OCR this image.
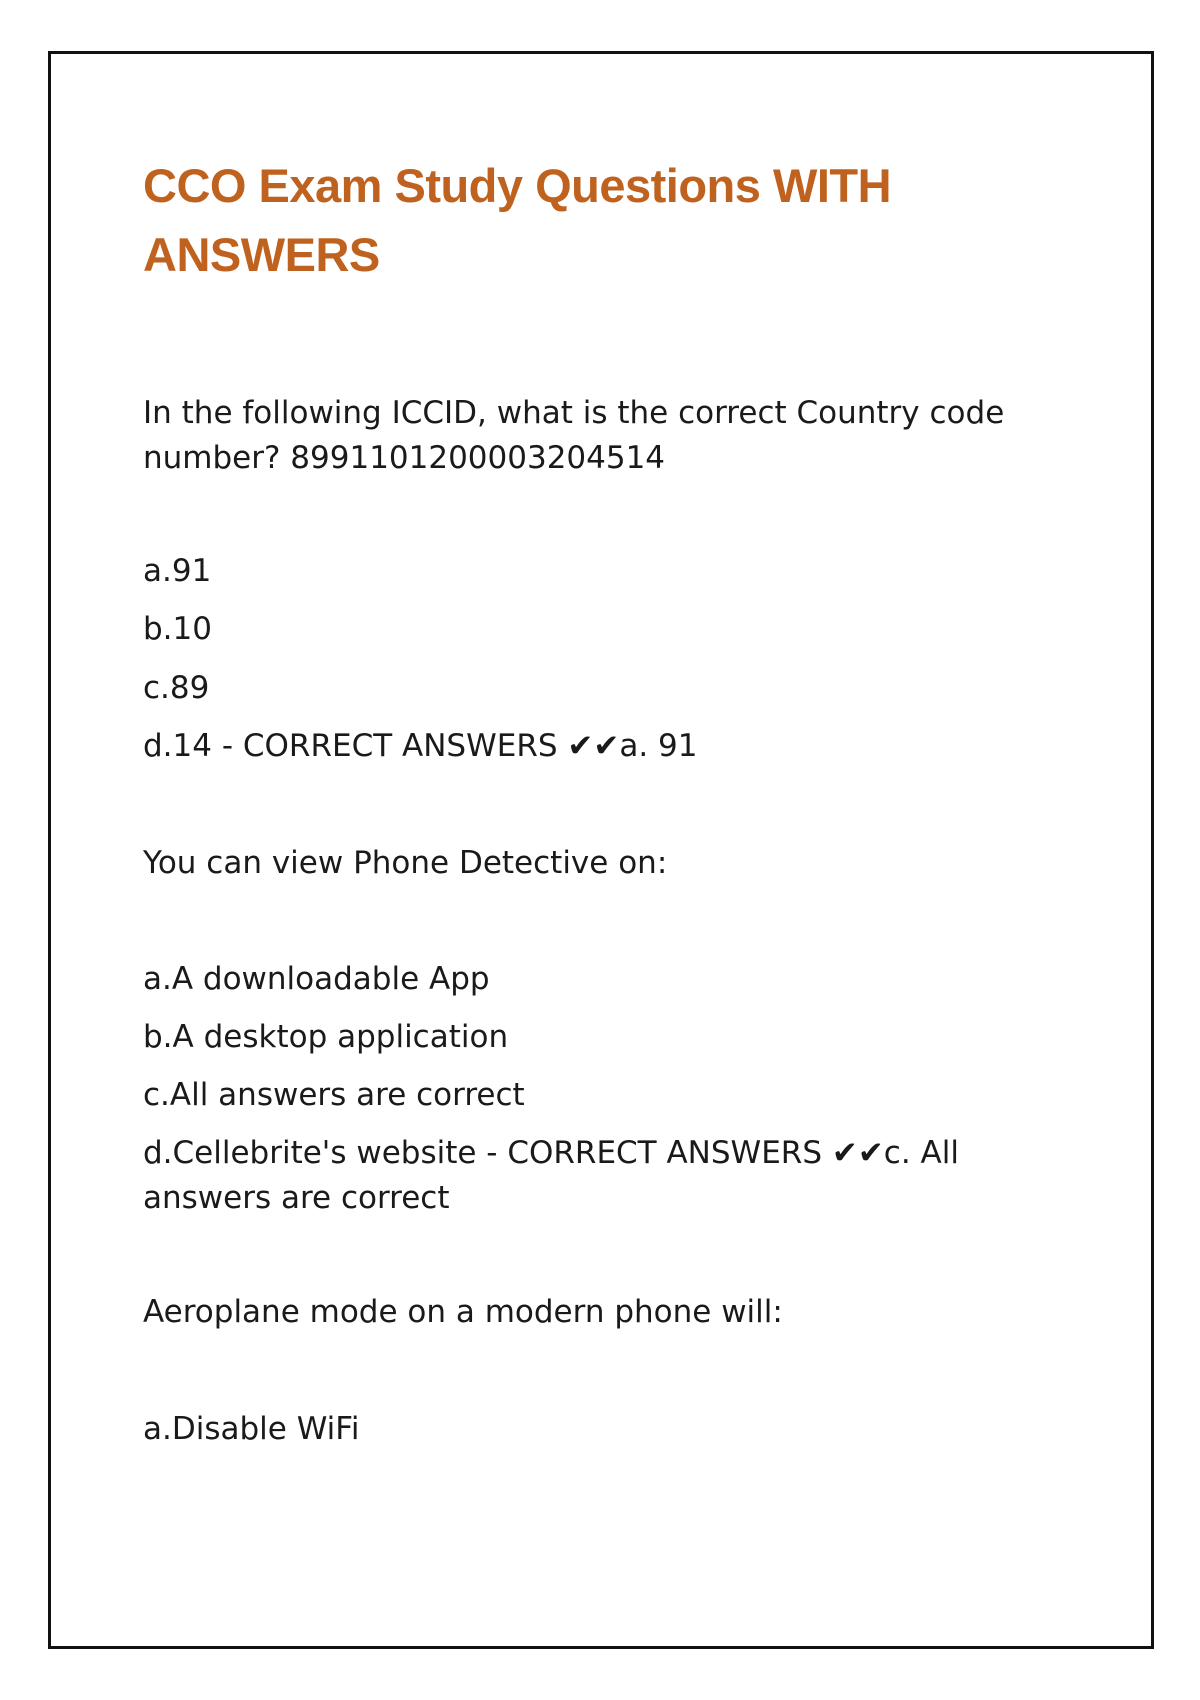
CCO Exam Study Questions WITH ANSWERS

In the following ICCID, what is the correct Country code number? 8991101200003204514

a.91

b.10

c.89

d.14 - CORRECT ANSWERS ✔✔a. 91

You can view Phone Detective on:

a.A downloadable App

b.A desktop application

c.All answers are correct

d.Cellebrite's website - CORRECT ANSWERS ✔✔c. All answers are correct

Aeroplane mode on a modern phone will:

a.Disable WiFi
